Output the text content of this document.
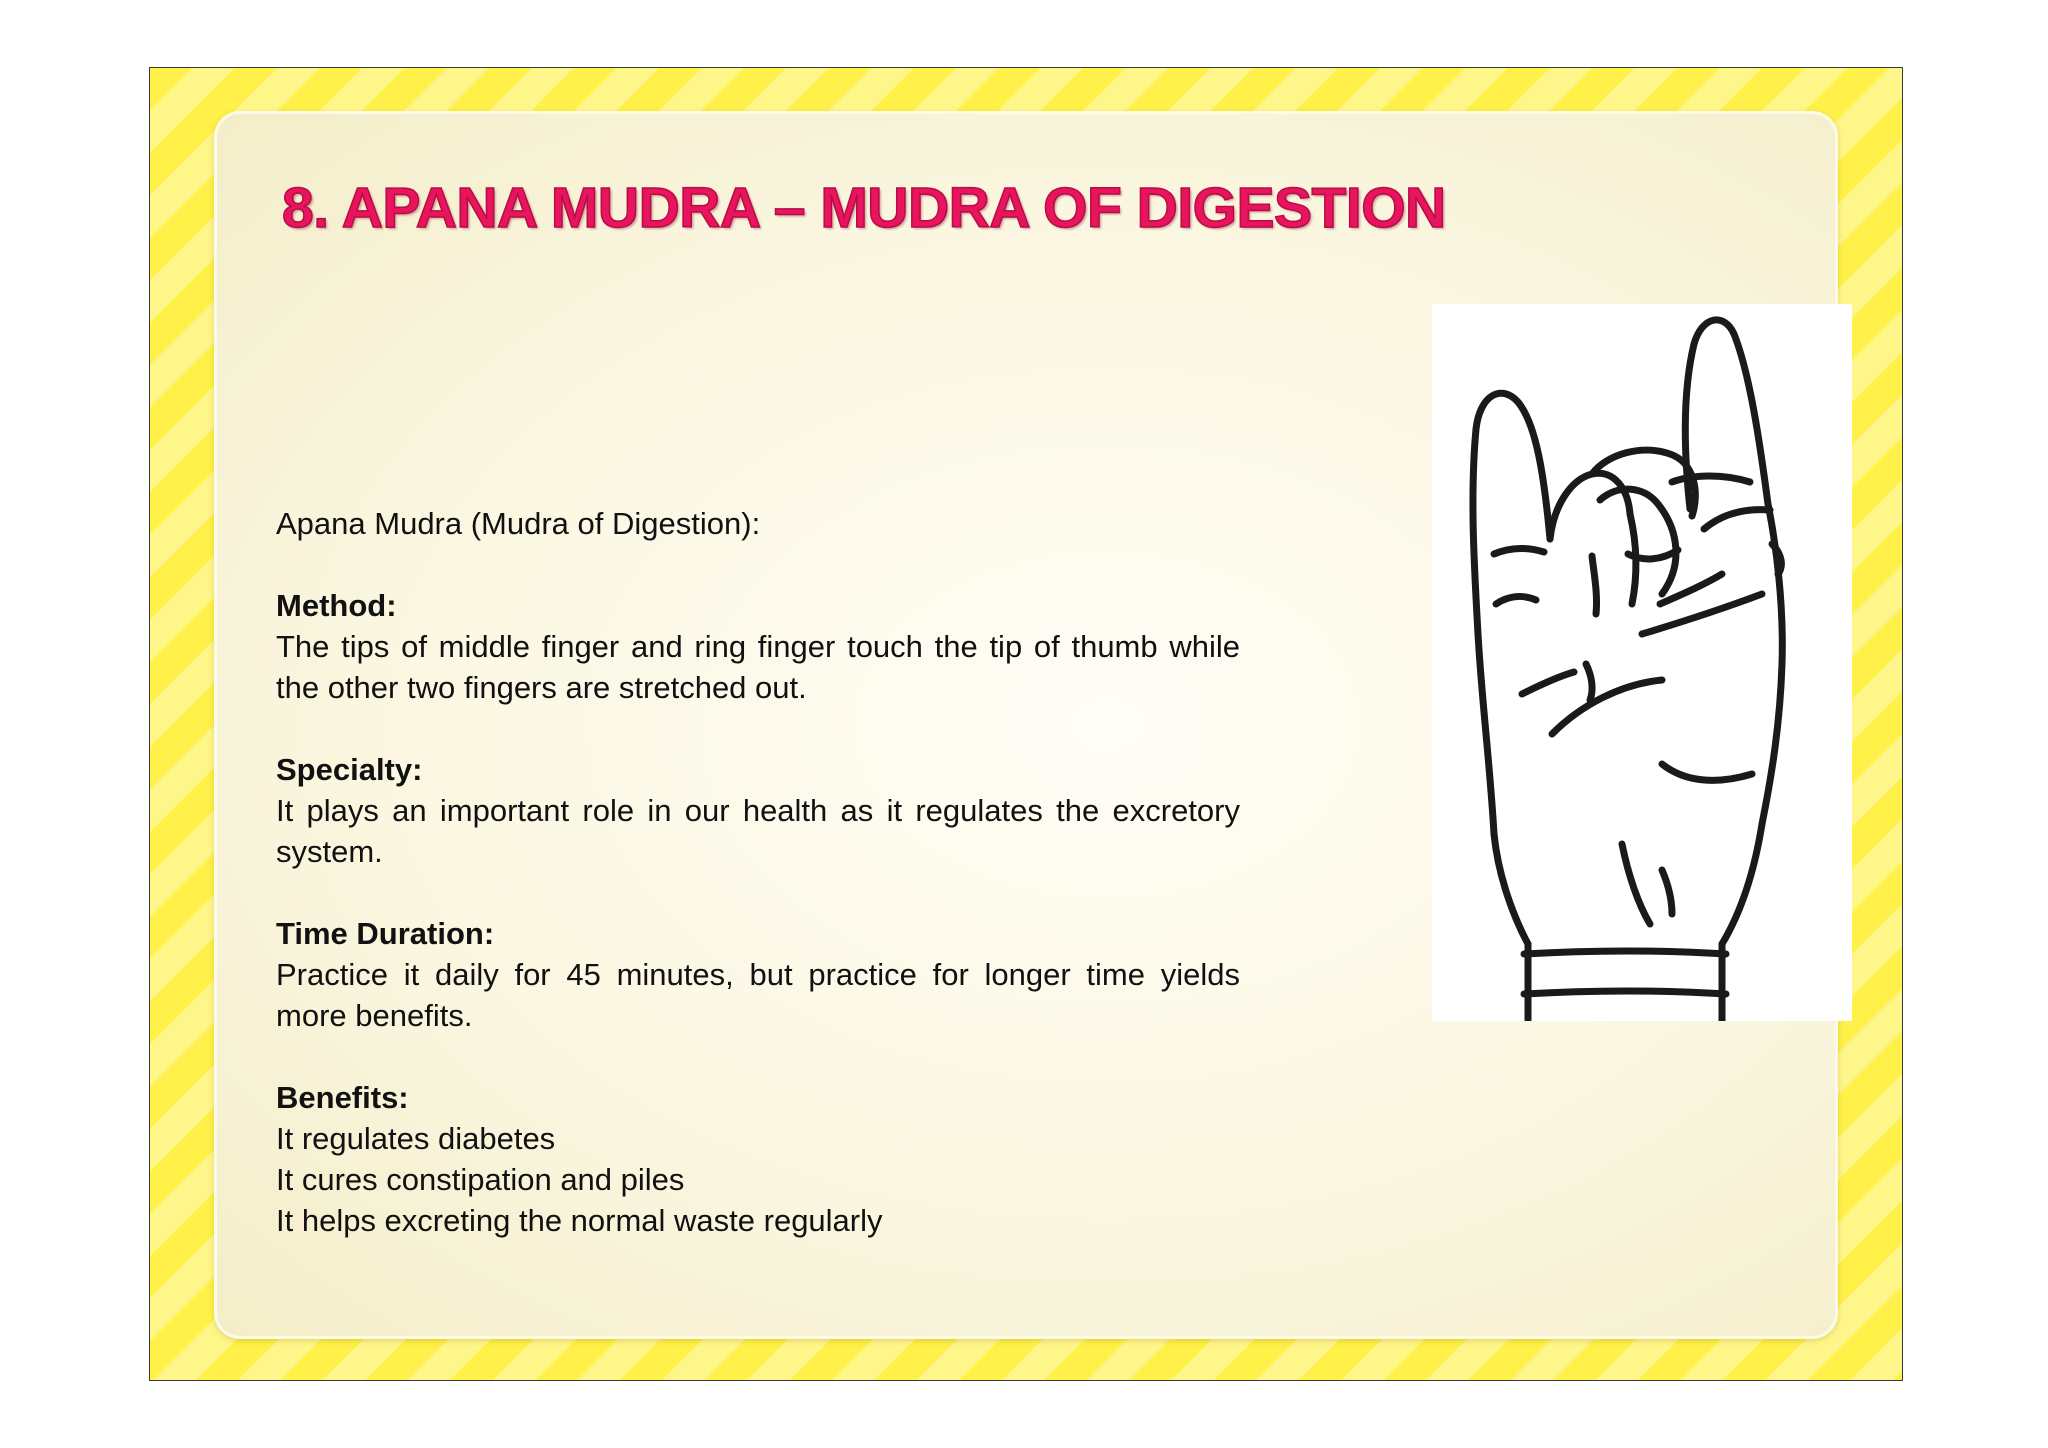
8. APANA MUDRA – MUDRA OF DIGESTION

Apana Mudra (Mudra of Digestion):

Method:

The tips of middle finger and ring finger touch the tip of thumb while the other two fingers are stretched out.

Specialty:

It plays an important role in our health as it regulates the excretory system.

Time Duration:

Practice it daily for 45 minutes, but practice for longer time yields more benefits.

Benefits:

It regulates diabetes

It cures constipation and piles

It helps excreting the normal waste regularly
